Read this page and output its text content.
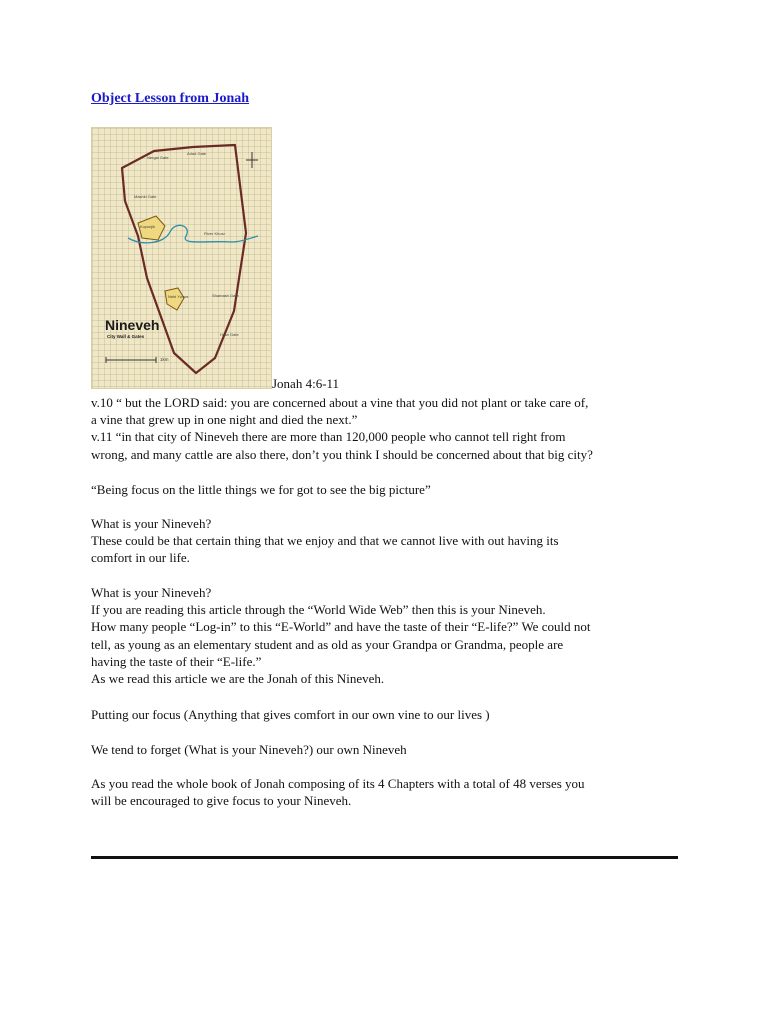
Object Lesson from Jonah
Nergal Gate
Adad Gate
Mashki Gate
Kuyunjik
River Khosr
Nebi Yunus	Shamash Gate
Halzi Gate
Nineveh
City Wall & Gates
1km
Jonah 4:6-11
v.10 “ but the LORD said: you are concerned about a vine that you did not plant or take care of,
a vine that grew up in one night and died the next.”
v.11 “in that city of Nineveh there are more than 120,000 people who cannot tell right from
wrong, and many cattle are also there, don’t you think I should be concerned about that big city?
“Being focus on the little things we for got to see the big picture”
What is your Nineveh?
These could be that certain thing that we enjoy and that we cannot live with out having its
comfort in our life.
What is your Nineveh?
If you are reading this article through the “World Wide Web” then this is your Nineveh.
How many people “Log-in” to this “E-World” and have the taste of their “E-life?” We could not
tell, as young as an elementary student and as old as your Grandpa or Grandma, people are
having the taste of their “E-life.”
As we read this article we are the Jonah of this Nineveh.
Putting our focus (Anything that gives comfort in our own vine to our lives )
We tend to forget (What is your Nineveh?) our own Nineveh
As you read the whole book of Jonah composing of its 4 Chapters with a total of 48 verses you
will be encouraged to give focus to your Nineveh.
